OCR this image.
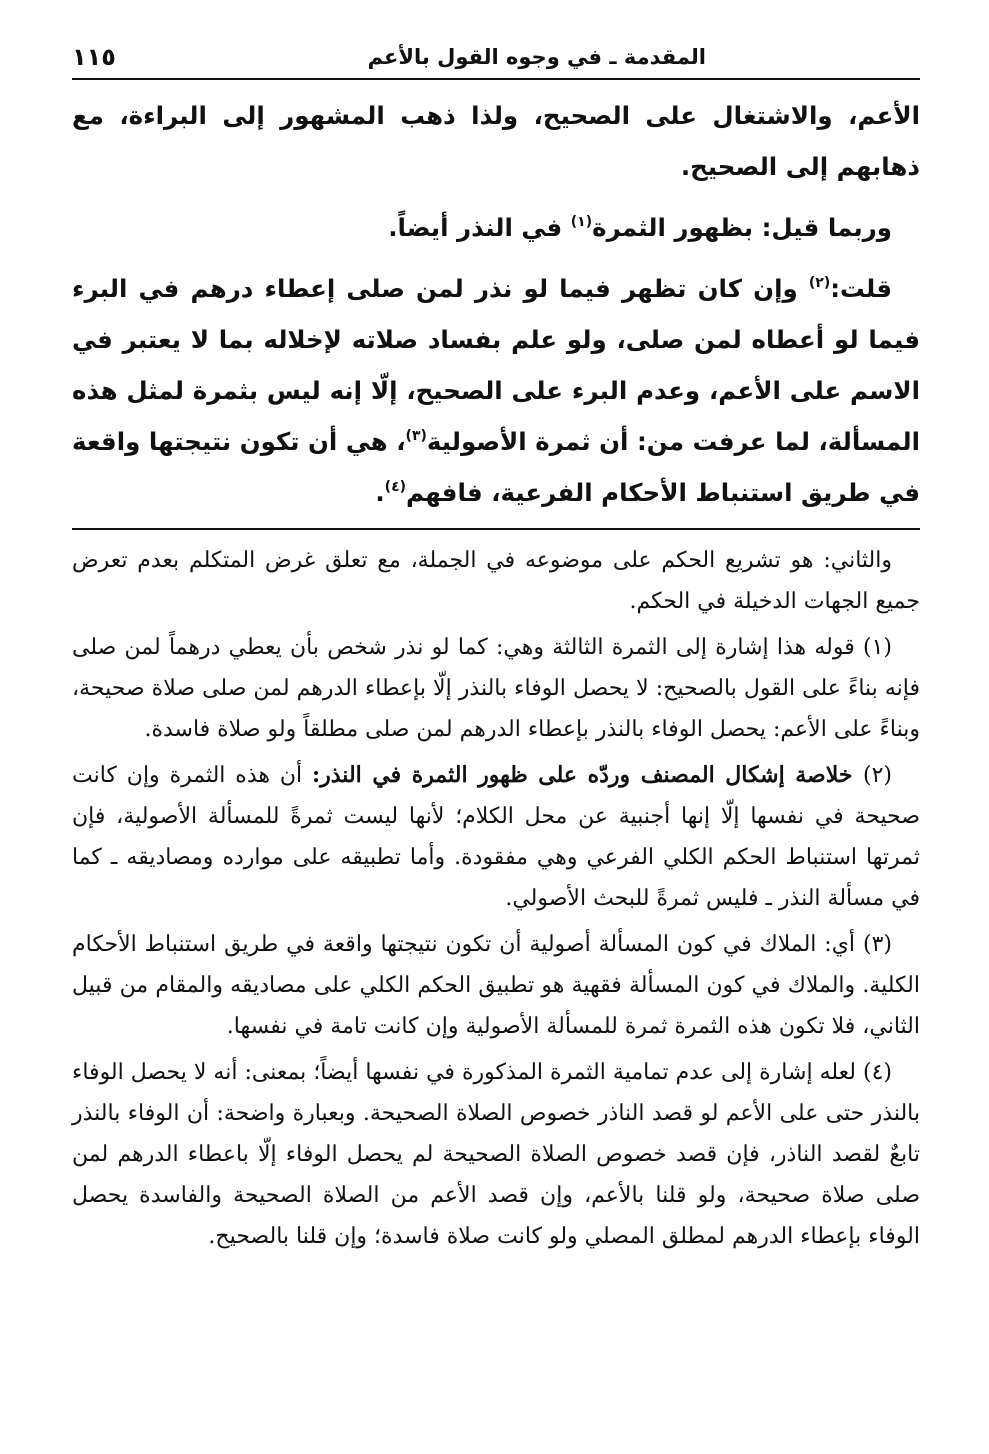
المقدمة ـ في وجوه القول بالأعم
١١٥

الأعم، والاشتغال على الصحيح، ولذا ذهب المشهور إلى البراءة، مع ذهابهم إلى الصحيح.

وربما قيل: بظهور الثمرة$^{(١)}$ في النذر أيضاً.

قلت:$^{(٢)}$ وإن كان تظهر فيما لو نذر لمن صلى إعطاء درهم في البرء فيما لو أعطاه لمن صلى، ولو علم بفساد صلاته لإخلاله بما لا يعتبر في الاسم على الأعم، وعدم البرء على الصحيح، إلّا إنه ليس بثمرة لمثل هذه المسألة، لما عرفت من: أن ثمرة الأصولية$^{(٣)}$، هي أن تكون نتيجتها واقعة في طريق استنباط الأحكام الفرعية، فافهم$^{(٤)}$.

والثاني: هو تشريع الحكم على موضوعه في الجملة، مع تعلق غرض المتكلم بعدم تعرض جميع الجهات الدخيلة في الحكم.

(١) قوله هذا إشارة إلى الثمرة الثالثة وهي: كما لو نذر شخص بأن يعطي درهماً لمن صلى فإنه بناءً على القول بالصحيح: لا يحصل الوفاء بالنذر إلّا بإعطاء الدرهم لمن صلى صلاة صحيحة، وبناءً على الأعم: يحصل الوفاء بالنذر بإعطاء الدرهم لمن صلى مطلقاً ولو صلاة فاسدة.

(٢) خلاصة إشكال المصنف وردّه على ظهور الثمرة في النذر: أن هذه الثمرة وإن كانت صحيحة في نفسها إلّا إنها أجنبية عن محل الكلام؛ لأنها ليست ثمرةً للمسألة الأصولية، فإن ثمرتها استنباط الحكم الكلي الفرعي وهي مفقودة. وأما تطبيقه على موارده ومصاديقه ـ كما في مسألة النذر ـ فليس ثمرةً للبحث الأصولي.

(٣) أي: الملاك في كون المسألة أصولية أن تكون نتيجتها واقعة في طريق استنباط الأحكام الكلية. والملاك في كون المسألة فقهية هو تطبيق الحكم الكلي على مصاديقه والمقام من قبيل الثاني، فلا تكون هذه الثمرة ثمرة للمسألة الأصولية وإن كانت تامة في نفسها.

(٤) لعله إشارة إلى عدم تمامية الثمرة المذكورة في نفسها أيضاً؛ بمعنى: أنه لا يحصل الوفاء بالنذر حتى على الأعم لو قصد الناذر خصوص الصلاة الصحيحة. وبعبارة واضحة: أن الوفاء بالنذر تابعٌ لقصد الناذر، فإن قصد خصوص الصلاة الصحيحة لم يحصل الوفاء إلّا باعطاء الدرهم لمن صلى صلاة صحيحة، ولو قلنا بالأعم، وإن قصد الأعم من الصلاة الصحيحة والفاسدة يحصل الوفاء بإعطاء الدرهم لمطلق المصلي ولو كانت صلاة فاسدة؛ وإن قلنا بالصحيح.
